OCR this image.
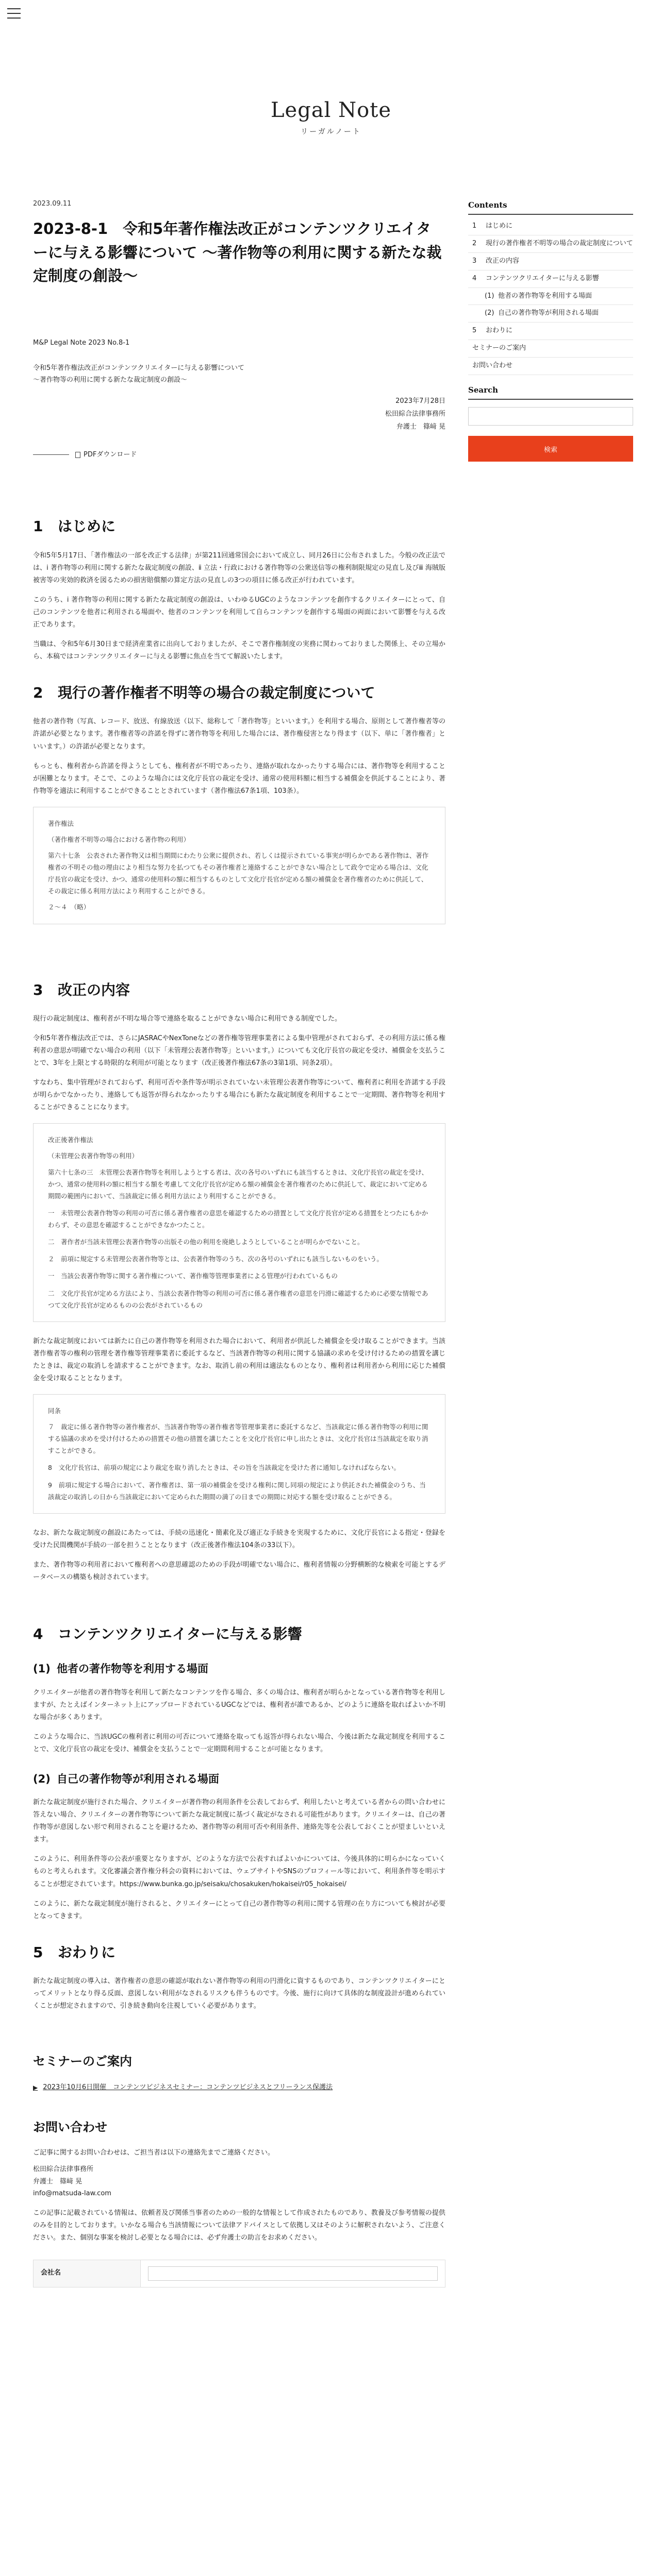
Legal Note
リーガルノート
2023.09.11
2023-8-1　令和5年著作権法改正がコンテンツクリエイターに与える影響について 〜著作物等の利用に関する新たな裁定制度の創設〜
M&P Legal Note 2023 No.8-1
令和5年著作権法改正がコンテンツクリエイターに与える影響について
〜著作物等の利用に関する新たな裁定制度の創設〜
2023年7月28日
松田綜合法律事務所
弁護士　篠﨑 晃
PDFダウンロード
1 はじめに

令和5年5月17日、「著作権法の一部を改正する法律」が第211回通常国会において成立し、同月26日に公布されました。今般の改正法では、ⅰ 著作物等の利用に関する新たな裁定制度の創設、ⅱ 立法・行政における著作物等の公衆送信等の権利制限規定の見直し及びⅲ 海賊版被害等の実効的救済を図るための損害賠償額の算定方法の見直しの3つの項目に係る改正が行われています。

このうち、ⅰ 著作物等の利用に関する新たな裁定制度の創設は、いわゆるUGCのようなコンテンツを創作するクリエイターにとって、自己のコンテンツを他者に利用される場面や、他者のコンテンツを利用して自らコンテンツを創作する場面の両面において影響を与える改正であります。

当職は、令和5年6月30日まで経済産業省に出向しておりましたが、そこで著作権制度の実務に関わっておりました関係上、その立場から、本稿ではコンテンツクリエイターに与える影響に焦点を当てて解説いたします。

2 現行の著作権者不明等の場合の裁定制度について

他者の著作物（写真、レコード、放送、有線放送（以下、総称して「著作物等」といいます。）を利用する場合、原則として著作権者等の許諾が必要となります。著作権者等の許諾を得ずに著作物等を利用した場合には、著作権侵害となり得ます（以下、単に「著作権者」といいます。）の許諾が必要となります。

もっとも、権利者から許諾を得ようとしても、権利者が不明であったり、連絡が取れなかったりする場合には、著作物等を利用することが困難となります。そこで、このような場合には文化庁長官の裁定を受け、通常の使用料額に相当する補償金を供託することにより、著作物等を適法に利用することができることとされています（著作権法67条1項、103条）。

著作権法

（著作権者不明等の場合における著作物の利用）

第六十七条　公表された著作物又は相当期間にわたり公衆に提供され、若しくは提示されている事実が明らかである著作物は、著作権者の不明その他の理由により相当な努力を払つてもその著作権者と連絡することができない場合として政令で定める場合は、文化庁長官の裁定を受け、かつ、通常の使用料の額に相当するものとして文化庁長官が定める額の補償金を著作権者のために供託して、その裁定に係る利用方法により利用することができる。

２〜４　（略）

3 改正の内容

現行の裁定制度は、権利者が不明な場合等で連絡を取ることができない場合に利用できる制度でした。

令和5年著作権法改正では、さらにJASRACやNexToneなどの著作権等管理事業者による集中管理がされておらず、その利用方法に係る権利者の意思が明確でない場合の利用（以下「未管理公表著作物等」といいます。）についても文化庁長官の裁定を受け、補償金を支払うことで、3年を上限とする時限的な利用が可能となります（改正後著作権法67条の3第1項、同条2項）。

すなわち、集中管理がされておらず、利用可否や条件等が明示されていない未管理公表著作物等について、権利者に利用を許諾する手段が明らかでなかったり、連絡しても返答が得られなかったりする場合にも新たな裁定制度を利用することで一定期間、著作物等を利用することができることになります。

改正後著作権法

（未管理公表著作物等の利用）

第六十七条の三　未管理公表著作物等を利用しようとする者は、次の各号のいずれにも該当するときは、文化庁長官の裁定を受け、かつ、通常の使用料の額に相当する額を考慮して文化庁長官が定める額の補償金を著作権者のために供託して、裁定において定める期間の範囲内において、当該裁定に係る利用方法により利用することができる。

一　未管理公表著作物等の利用の可否に係る著作権者の意思を確認するための措置として文化庁長官が定める措置をとつたにもかかわらず、その意思を確認することができなかつたこと。

二　著作者が当該未管理公表著作物等の出版その他の利用を廃絶しようとしていることが明らかでないこと。

２　前項に規定する未管理公表著作物等とは、公表著作物等のうち、次の各号のいずれにも該当しないものをいう。

一　当該公表著作物等に関する著作権について、著作権等管理事業者による管理が行われているもの

二　文化庁長官が定める方法により、当該公表著作物等の利用の可否に係る著作権者の意思を円滑に確認するために必要な情報であつて文化庁長官が定めるものの公表がされているもの

新たな裁定制度においては新たに自己の著作物等を利用された場合において、利用者が供託した補償金を受け取ることができます。当該著作権者等の権利の管理を著作権等管理事業者に委託するなど、当該著作物等の利用に関する協議の求めを受け付けるための措置を講じたときは、裁定の取消しを請求することができます。なお、取消し前の利用は適法なものとなり、権利者は利用者から利用に応じた補償金を受け取ることとなります。

同条

７　裁定に係る著作物等の著作権者が、当該著作物等の著作権者等管理事業者に委託するなど、当該裁定に係る著作物等の利用に関する協議の求めを受け付けるための措置その他の措置を講じたことを文化庁長官に申し出たときは、文化庁長官は当該裁定を取り消すことができる。

8　文化庁長官は、前項の規定により裁定を取り消したときは、その旨を当該裁定を受けた者に通知しなければならない。

9　前項に規定する場合において、著作権者は、第一項の補償金を受ける権利に関し同項の規定により供託された補償金のうち、当該裁定の取消しの日から当該裁定において定められた期間の満了の日までの期間に対応する額を受け取ることができる。

なお、新たな裁定制度の創設にあたっては、手続の迅速化・簡素化及び適正な手続きを実現するために、文化庁長官による指定・登録を受けた民間機関が手続の一部を担うこととなります（改正後著作権法104条の33以下）。

また、著作物等の利用者において権利者への意思確認のための手段が明確でない場合に、権利者情報の分野横断的な検索を可能とするデータベースの構築も検討されています。

4 コンテンツクリエイターに与える影響
(1) 他者の著作物等を利用する場面

クリエイターが他者の著作物等を利用して新たなコンテンツを作る場合、多くの場合は、権利者が明らかとなっている著作物等を利用しますが、たとえばインターネット上にアップロードされているUGCなどでは、権利者が誰であるか、どのように連絡を取ればよいか不明な場合が多くあります。

このような場合に、当該UGCの権利者に利用の可否について連絡を取っても返答が得られない場合、今後は新たな裁定制度を利用することで、文化庁長官の裁定を受け、補償金を支払うことで一定期間利用することが可能となります。

(2) 自己の著作物等が利用される場面

新たな裁定制度が施行された場合、クリエイターが著作物の利用条件を公表しておらず、利用したいと考えている者からの問い合わせに答えない場合、クリエイターの著作物等について新たな裁定制度に基づく裁定がなされる可能性があります。クリエイターは、自己の著作物等が意図しない形で利用されることを避けるため、著作物等の利用可否や利用条件、連絡先等を公表しておくことが望ましいといえます。

このように、利用条件等の公表が重要となりますが、どのような方法で公表すればよいかについては、今後具体的に明らかになっていくものと考えられます。文化審議会著作権分科会の資料においては、ウェブサイトやSNSのプロフィール等において、利用条件等を明示することが想定されています。https://www.bunka.go.jp/seisaku/chosakuken/hokaisei/r05_hokaisei/

このように、新たな裁定制度が施行されると、クリエイターにとって自己の著作物等の利用に関する管理の在り方についても検討が必要となってきます。

5 おわりに

新たな裁定制度の導入は、著作権者の意思の確認が取れない著作物等の利用の円滑化に資するものであり、コンテンツクリエイターにとってメリットとなり得る反面、意図しない利用がなされるリスクも伴うものです。今後、施行に向けて具体的な制度設計が進められていくことが想定されますので、引き続き動向を注視していく必要があります。

セミナーのご案内
▶ 2023年10月6日開催　コンテンツビジネスセミナー：コンテンツビジネスとフリーランス保護法
お問い合わせ

ご記事に関するお問い合わせは、ご担当者は以下の連絡先までご連絡ください。

松田綜合法律事務所
弁護士　篠﨑 晃
info@matsuda-law.com

この記事に記載されている情報は、依頼者及び関係当事者のための一般的な情報として作成されたものであり、教養及び参考情報の提供のみを目的としております。いかなる場合も当該情報について法律アドバイスとして依拠し又はそのように解釈されないよう、ご注意ください。また、個別な事案を検討し必要となる場合には、必ず弁護士の助言をお求めください。

会社名	
Contents
1 はじめに
2 現行の著作権者不明等の場合の裁定制度について
3 改正の内容
4 コンテンツクリエイターに与える影響
(1) 他者の著作物等を利用する場面
(2) 自己の著作物等が利用される場面
5 おわりに
セミナーのご案内
お問い合わせ
Search
検索
